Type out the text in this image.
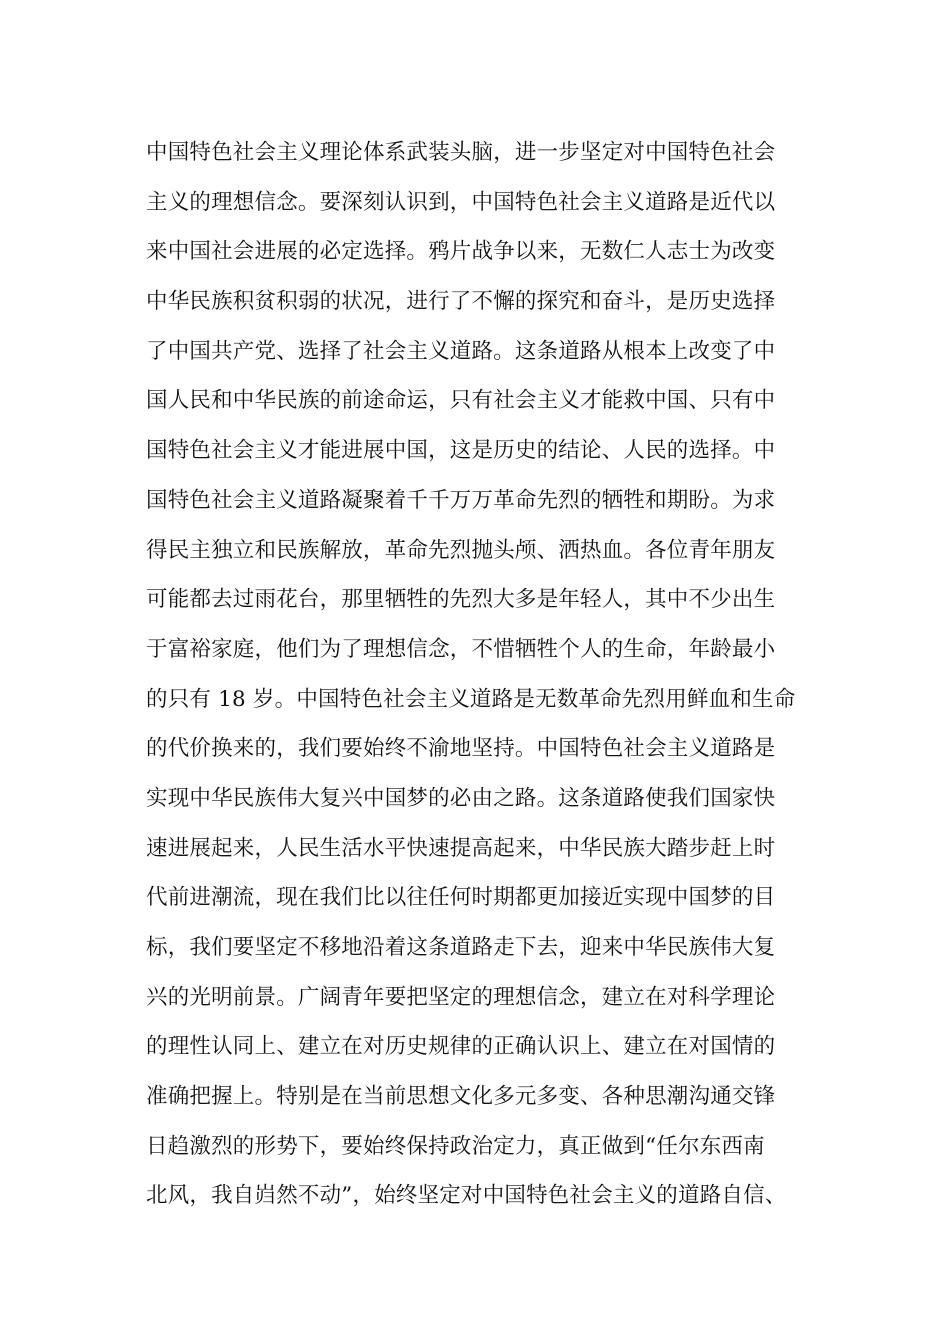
中国特色社会主义理论体系武装头脑，进一步坚定对中国特色社会
主义的理想信念。要深刻认识到，中国特色社会主义道路是近代以
来中国社会进展的必定选择。鸦片战争以来，无数仁人志士为改变
中华民族积贫积弱的状况，进行了不懈的探究和奋斗，是历史选择
了中国共产党、选择了社会主义道路。这条道路从根本上改变了中
国人民和中华民族的前途命运，只有社会主义才能救中国、只有中
国特色社会主义才能进展中国，这是历史的结论、人民的选择。中
国特色社会主义道路凝聚着千千万万革命先烈的牺牲和期盼。为求
得民主独立和民族解放，革命先烈抛头颅、洒热血。各位青年朋友
可能都去过雨花台，那里牺牲的先烈大多是年轻人，其中不少出生
于富裕家庭，他们为了理想信念，不惜牺牲个人的生命，年龄最小
的只有 18 岁。中国特色社会主义道路是无数革命先烈用鲜血和生命
的代价换来的，我们要始终不渝地坚持。中国特色社会主义道路是
实现中华民族伟大复兴中国梦的必由之路。这条道路使我们国家快
速进展起来，人民生活水平快速提高起来，中华民族大踏步赶上时
代前进潮流，现在我们比以往任何时期都更加接近实现中国梦的目
标，我们要坚定不移地沿着这条道路走下去，迎来中华民族伟大复
兴的光明前景。广阔青年要把坚定的理想信念，建立在对科学理论
的理性认同上、建立在对历史规律的正确认识上、建立在对国情的
准确把握上。特别是在当前思想文化多元多变、各种思潮沟通交锋
日趋激烈的形势下，要始终保持政治定力，真正做到“任尔东西南
北风，我自岿然不动”，始终坚定对中国特色社会主义的道路自信、
